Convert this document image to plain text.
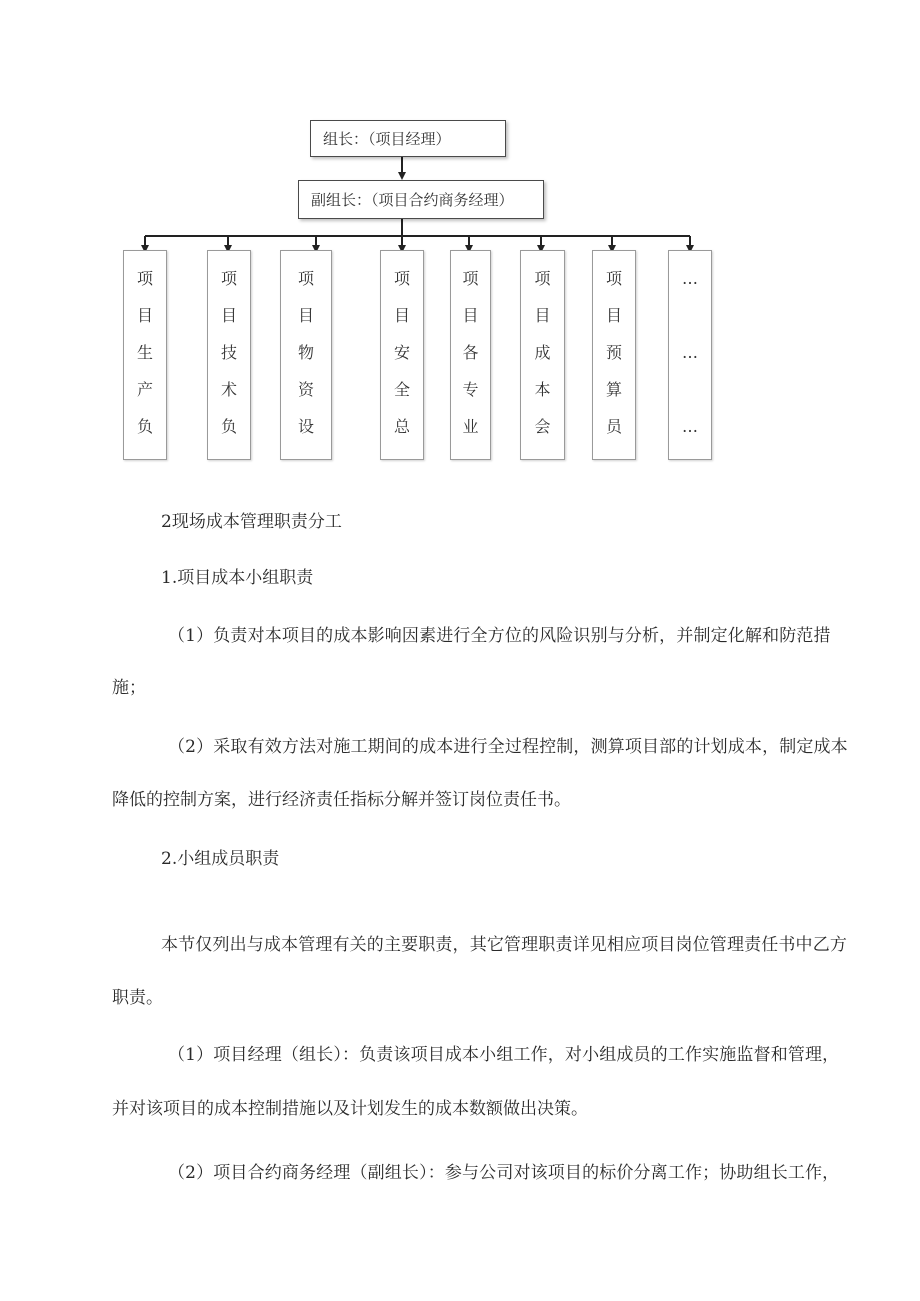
组长：（项目经理）
副组长：（项目合约商务经理）
项
目
生
产
负
项
目
技
术
负
项
目
物
资
设
项
目
安
全
总
项
目
各
专
业
项
目
成
本
会
项
目
预
算
员
…
…
…
2现场成本管理职责分工
1.项目成本小组职责
（1）负责对本项目的成本影响因素进行全方位的风险识别与分析，并制定化解和防范措
施；
（2）采取有效方法对施工期间的成本进行全过程控制，测算项目部的计划成本，制定成本
降低的控制方案，进行经济责任指标分解并签订岗位责任书。
2.小组成员职责
本节仅列出与成本管理有关的主要职责，其它管理职责详见相应项目岗位管理责任书中乙方
职责。
（1）项目经理（组长）：负责该项目成本小组工作，对小组成员的工作实施监督和管理，
并对该项目的成本控制措施以及计划发生的成本数额做出决策。
（2）项目合约商务经理（副组长）：参与公司对该项目的标价分离工作；协助组长工作，
